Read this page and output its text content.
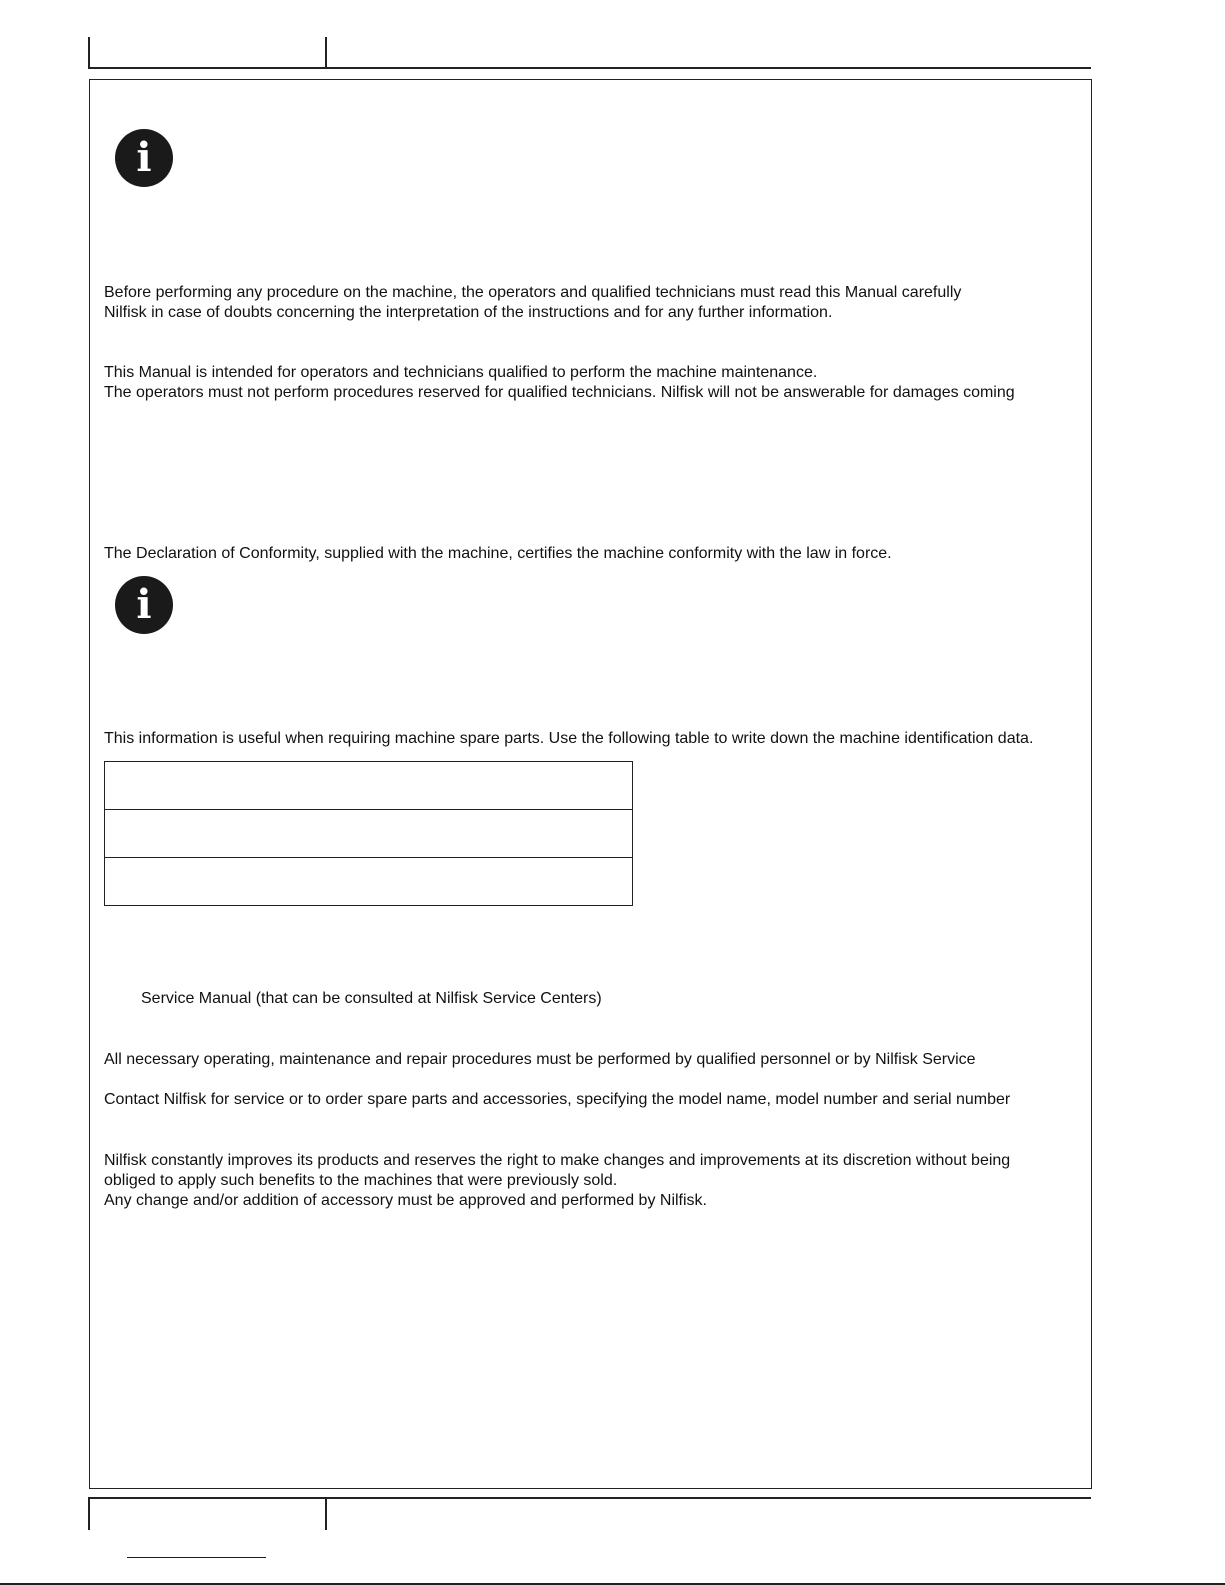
i
Before performing any procedure on the machine, the operators and qualified technicians must read this Manual carefully
Nilfisk in case of doubts concerning the interpretation of the instructions and for any further information.
This Manual is intended for operators and technicians qualified to perform the machine maintenance.
The operators must not perform procedures reserved for qualified technicians. Nilfisk will not be answerable for damages coming
The Declaration of Conformity, supplied with the machine, certifies the machine conformity with the law in force.
i
This information is useful when requiring machine spare parts. Use the following table to write down the machine identification data.

Service Manual (that can be consulted at Nilfisk Service Centers)
All necessary operating, maintenance and repair procedures must be performed by qualified personnel or by Nilfisk Service
Contact Nilfisk for service or to order spare parts and accessories, specifying the model name, model number and serial number
Nilfisk constantly improves its products and reserves the right to make changes and improvements at its discretion without being
obliged to apply such benefits to the machines that were previously sold.
Any change and/or addition of accessory must be approved and performed by Nilfisk.
